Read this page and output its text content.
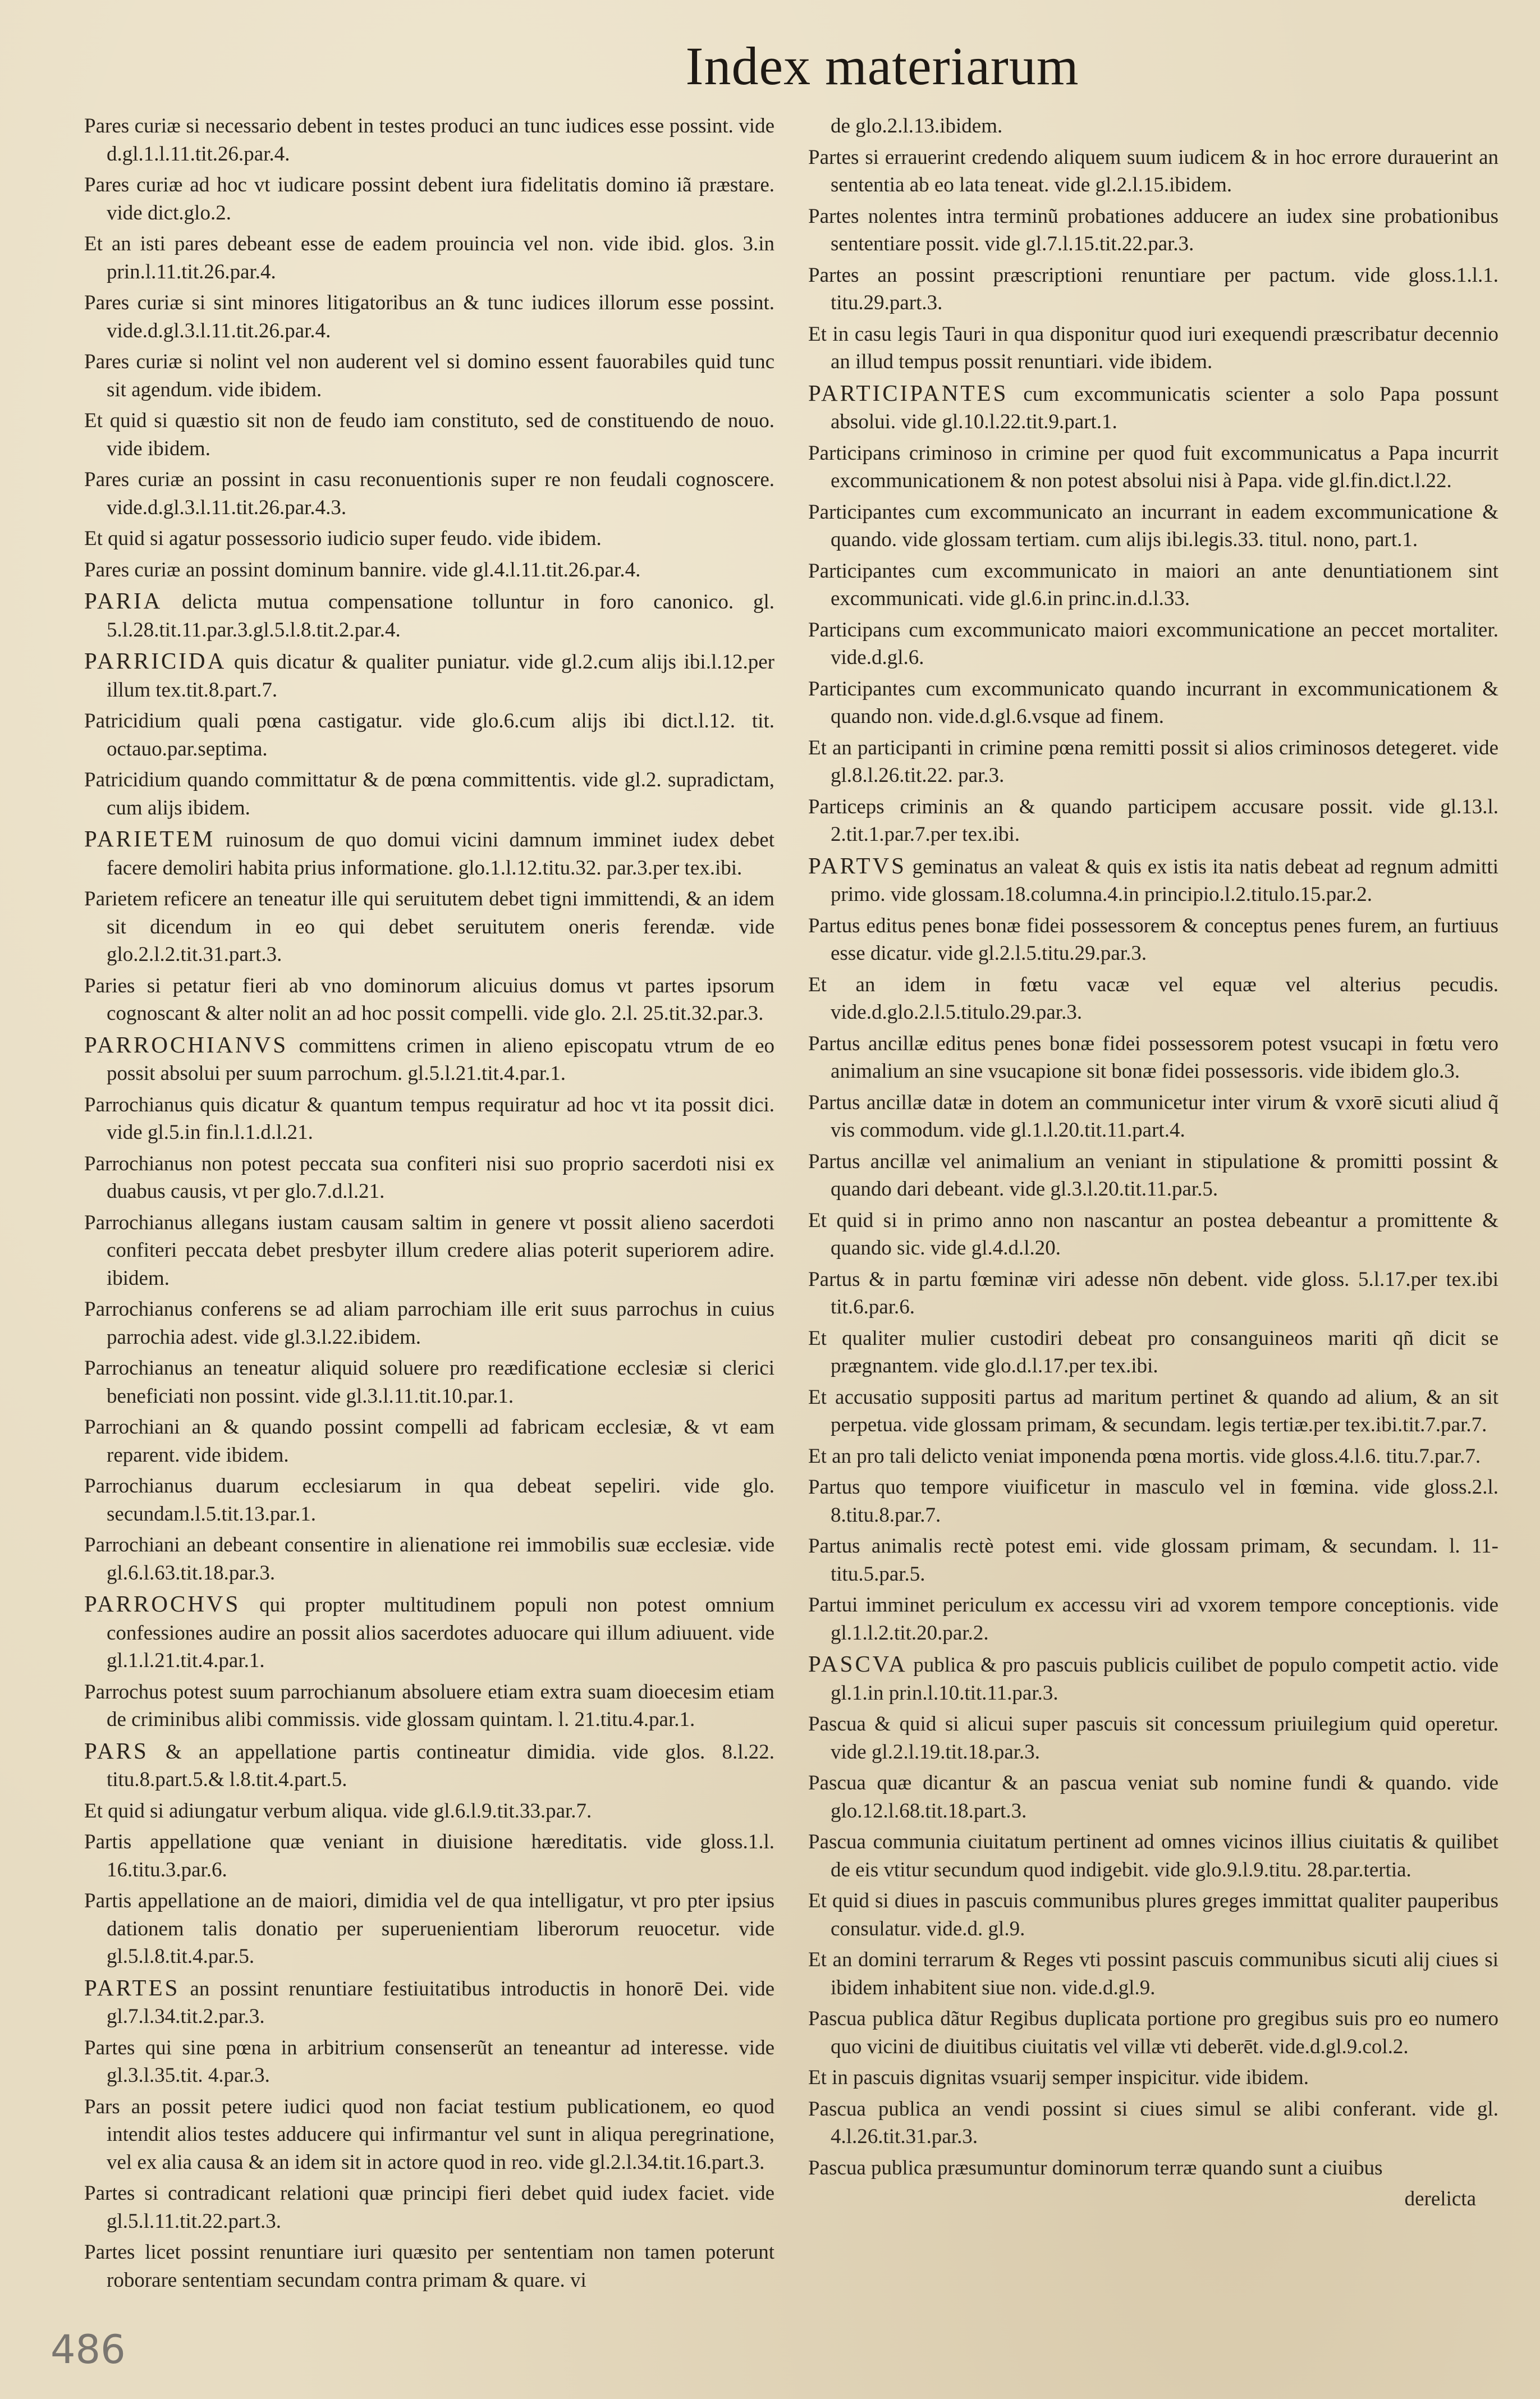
Index materiarum

Pares curiæ si necessario debent in testes produci an tunc iudices esse possint. vide d.gl.1.l.11.tit.26.par.4.

Pares curiæ ad hoc vt iudicare possint debent iura fidelitatis domino iã præstare. vide dict.glo.2.

Et an isti pares debeant esse de eadem prouincia vel non. vide ibid. glos. 3.in prin.l.11.tit.26.par.4.

Pares curiæ si sint minores litigatoribus an & tunc iudices illorum esse possint. vide.d.gl.3.l.11.tit.26.par.4.

Pares curiæ si nolint vel non auderent vel si domino essent fauorabiles quid tunc sit agendum. vide ibidem.

Et quid si quæstio sit non de feudo iam constituto, sed de constituendo de nouo. vide ibidem.

Pares curiæ an possint in casu reconuentionis super re non feudali cognoscere. vide.d.gl.3.l.11.tit.26.par.4.3.

Et quid si agatur possessorio iudicio super feudo. vide ibidem.

Pares curiæ an possint dominum bannire. vide gl.4.l.11.tit.26.par.4.

PARIA delicta mutua compensatione tolluntur in foro canonico. gl. 5.l.28.tit.11.par.3.gl.5.l.8.tit.2.par.4.

PARRICIDA quis dicatur & qualiter puniatur. vide gl.2.cum alijs ibi.l.12.per illum tex.tit.8.part.7.

Patricidium quali pœna castigatur. vide glo.6.cum alijs ibi dict.l.12. tit. octauo.par.septima.

Patricidium quando committatur & de pœna committentis. vide gl.2. supradictam, cum alijs ibidem.

PARIETEM ruinosum de quo domui vicini damnum imminet iudex debet facere demoliri habita prius informatione. glo.1.l.12.titu.32. par.3.per tex.ibi.

Parietem reficere an teneatur ille qui seruitutem debet tigni immittendi, & an idem sit dicendum in eo qui debet seruitutem oneris ferendæ. vide glo.2.l.2.tit.31.part.3.

Paries si petatur fieri ab vno dominorum alicuius domus vt partes ipsorum cognoscant & alter nolit an ad hoc possit compelli. vide glo. 2.l. 25.tit.32.par.3.

PARROCHIANVS committens crimen in alieno episcopatu vtrum de eo possit absolui per suum parrochum. gl.5.l.21.tit.4.par.1.

Parrochianus quis dicatur & quantum tempus requiratur ad hoc vt ita possit dici. vide gl.5.in fin.l.1.d.l.21.

Parrochianus non potest peccata sua confiteri nisi suo proprio sacerdoti nisi ex duabus causis, vt per glo.7.d.l.21.

Parrochianus allegans iustam causam saltim in genere vt possit alieno sacerdoti confiteri peccata debet presbyter illum credere alias poterit superiorem adire. ibidem.

Parrochianus conferens se ad aliam parrochiam ille erit suus parrochus in cuius parrochia adest. vide gl.3.l.22.ibidem.

Parrochianus an teneatur aliquid soluere pro reædificatione ecclesiæ si clerici beneficiati non possint. vide gl.3.l.11.tit.10.par.1.

Parrochiani an & quando possint compelli ad fabricam ecclesiæ, & vt eam reparent. vide ibidem.

Parrochianus duarum ecclesiarum in qua debeat sepeliri. vide glo. secundam.l.5.tit.13.par.1.

Parrochiani an debeant consentire in alienatione rei immobilis suæ ecclesiæ. vide gl.6.l.63.tit.18.par.3.

PARROCHVS qui propter multitudinem populi non potest omnium confessiones audire an possit alios sacerdotes aduocare qui illum adiuuent. vide gl.1.l.21.tit.4.par.1.

Parrochus potest suum parrochianum absoluere etiam extra suam dioecesim etiam de criminibus alibi commissis. vide glossam quintam. l. 21.titu.4.par.1.

PARS & an appellatione partis contineatur dimidia. vide glos. 8.l.22. titu.8.part.5.& l.8.tit.4.part.5.

Et quid si adiungatur verbum aliqua. vide gl.6.l.9.tit.33.par.7.

Partis appellatione quæ veniant in diuisione hæreditatis. vide gloss.1.l. 16.titu.3.par.6.

Partis appellatione an de maiori, dimidia vel de qua intelligatur, vt pro pter ipsius dationem talis donatio per superuenientiam liberorum reuocetur. vide gl.5.l.8.tit.4.par.5.

PARTES an possint renuntiare festiuitatibus introductis in honorē Dei. vide gl.7.l.34.tit.2.par.3.

Partes qui sine pœna in arbitrium consenserũt an teneantur ad interesse. vide gl.3.l.35.tit. 4.par.3.

Pars an possit petere iudici quod non faciat testium publicationem, eo quod intendit alios testes adducere qui infirmantur vel sunt in aliqua peregrinatione, vel ex alia causa & an idem sit in actore quod in reo. vide gl.2.l.34.tit.16.part.3.

Partes si contradicant relationi quæ principi fieri debet quid iudex faciet. vide gl.5.l.11.tit.22.part.3.

Partes licet possint renuntiare iuri quæsito per sententiam non tamen poterunt roborare sententiam secundam contra primam & quare. vi

de glo.2.l.13.ibidem.

Partes si errauerint credendo aliquem suum iudicem & in hoc errore durauerint an sententia ab eo lata teneat. vide gl.2.l.15.ibidem.

Partes nolentes intra terminũ probationes adducere an iudex sine probationibus sententiare possit. vide gl.7.l.15.tit.22.par.3.

Partes an possint præscriptioni renuntiare per pactum. vide gloss.1.l.1. titu.29.part.3.

Et in casu legis Tauri in qua disponitur quod iuri exequendi præscribatur decennio an illud tempus possit renuntiari. vide ibidem.

PARTICIPANTES cum excommunicatis scienter a solo Papa possunt absolui. vide gl.10.l.22.tit.9.part.1.

Participans criminoso in crimine per quod fuit excommunicatus a Papa incurrit excommunicationem & non potest absolui nisi à Papa. vide gl.fin.dict.l.22.

Participantes cum excommunicato an incurrant in eadem excommunicatione & quando. vide glossam tertiam. cum alijs ibi.legis.33. titul. nono, part.1.

Participantes cum excommunicato in maiori an ante denuntiationem sint excommunicati. vide gl.6.in princ.in.d.l.33.

Participans cum excommunicato maiori excommunicatione an peccet mortaliter. vide.d.gl.6.

Participantes cum excommunicato quando incurrant in excommunicationem & quando non. vide.d.gl.6.vsque ad finem.

Et an participanti in crimine pœna remitti possit si alios criminosos detegeret. vide gl.8.l.26.tit.22. par.3.

Particeps criminis an & quando participem accusare possit. vide gl.13.l. 2.tit.1.par.7.per tex.ibi.

PARTVS geminatus an valeat & quis ex istis ita natis debeat ad regnum admitti primo. vide glossam.18.columna.4.in principio.l.2.titulo.15.par.2.

Partus editus penes bonæ fidei possessorem & conceptus penes furem, an furtiuus esse dicatur. vide gl.2.l.5.titu.29.par.3.

Et an idem in fœtu vacæ vel equæ vel alterius pecudis. vide.d.glo.2.l.5.titulo.29.par.3.

Partus ancillæ editus penes bonæ fidei possessorem potest vsucapi in fœtu vero animalium an sine vsucapione sit bonæ fidei possessoris. vide ibidem glo.3.

Partus ancillæ datæ in dotem an communicetur inter virum & vxorē sicuti aliud q̃ vis commodum. vide gl.1.l.20.tit.11.part.4.

Partus ancillæ vel animalium an veniant in stipulatione & promitti possint & quando dari debeant. vide gl.3.l.20.tit.11.par.5.

Et quid si in primo anno non nascantur an postea debeantur a promittente & quando sic. vide gl.4.d.l.20.

Partus & in partu fœminæ viri adesse nōn debent. vide gloss. 5.l.17.per tex.ibi tit.6.par.6.

Et qualiter mulier custodiri debeat pro consanguineos mariti qñ dicit se prægnantem. vide glo.d.l.17.per tex.ibi.

Et accusatio suppositi partus ad maritum pertinet & quando ad alium, & an sit perpetua. vide glossam primam, & secundam. legis tertiæ.per tex.ibi.tit.7.par.7.

Et an pro tali delicto veniat imponenda pœna mortis. vide gloss.4.l.6. titu.7.par.7.

Partus quo tempore viuificetur in masculo vel in fœmina. vide gloss.2.l. 8.titu.8.par.7.

Partus animalis rectè potest emi. vide glossam primam, & secundam. l. 11-titu.5.par.5.

Partui imminet periculum ex accessu viri ad vxorem tempore conceptionis. vide gl.1.l.2.tit.20.par.2.

PASCVA publica & pro pascuis publicis cuilibet de populo competit actio. vide gl.1.in prin.l.10.tit.11.par.3.

Pascua & quid si alicui super pascuis sit concessum priuilegium quid operetur. vide gl.2.l.19.tit.18.par.3.

Pascua quæ dicantur & an pascua veniat sub nomine fundi & quando. vide glo.12.l.68.tit.18.part.3.

Pascua communia ciuitatum pertinent ad omnes vicinos illius ciuitatis & quilibet de eis vtitur secundum quod indigebit. vide glo.9.l.9.titu. 28.par.tertia.

Et quid si diues in pascuis communibus plures greges immittat qualiter pauperibus consulatur. vide.d. gl.9.

Et an domini terrarum & Reges vti possint pascuis communibus sicuti alij ciues si ibidem inhabitent siue non. vide.d.gl.9.

Pascua publica dãtur Regibus duplicata portione pro gregibus suis pro eo numero quo vicini de diuitibus ciuitatis vel villæ vti deberēt. vide.d.gl.9.col.2.

Et in pascuis dignitas vsuarij semper inspicitur. vide ibidem.

Pascua publica an vendi possint si ciues simul se alibi conferant. vide gl. 4.l.26.tit.31.par.3.

Pascua publica præsumuntur dominorum terræ quando sunt a ciuibus

derelicta

486
